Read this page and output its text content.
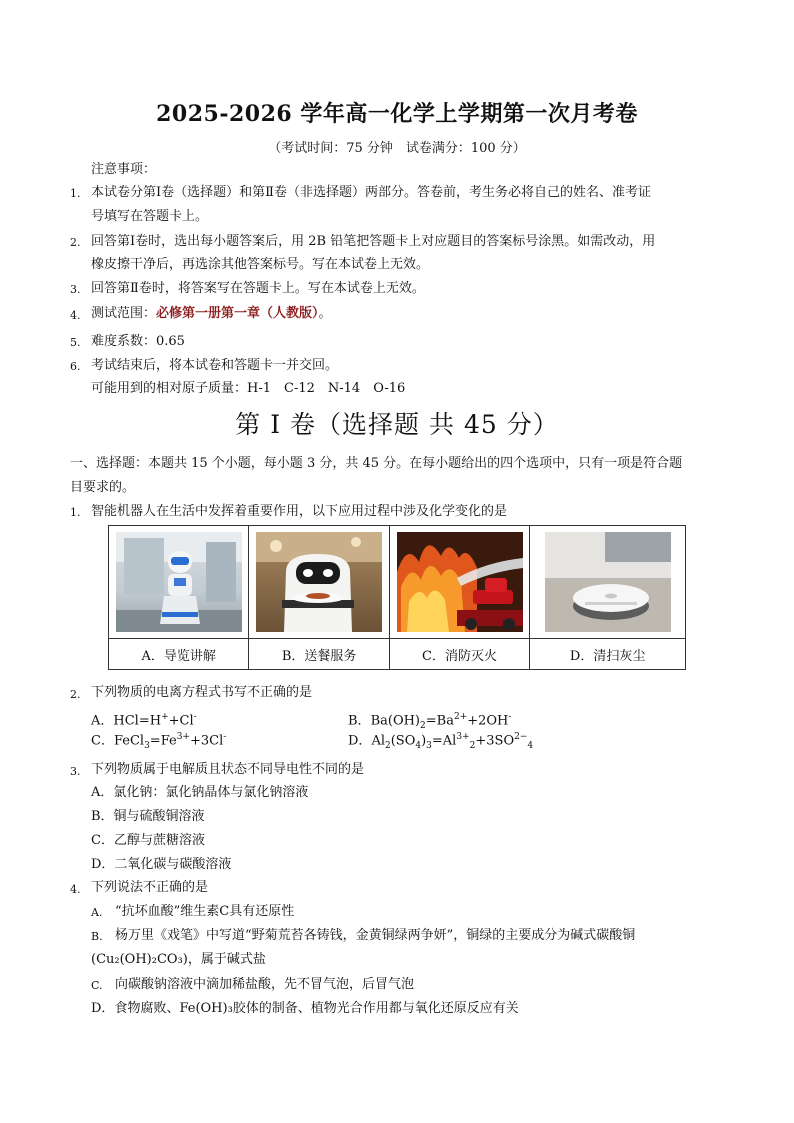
2025-2026 学年高一化学上学期第一次月考卷
（考试时间：75 分钟　试卷满分：100 分）
注意事项：
1. 本试卷分第Ⅰ卷（选择题）和第Ⅱ卷（非选择题）两部分。答卷前，考生务必将自己的姓名、准考证
号填写在答题卡上。
2. 回答第Ⅰ卷时，选出每小题答案后，用 2B 铅笔把答题卡上对应题目的答案标号涂黑。如需改动，用
橡皮擦干净后，再选涂其他答案标号。写在本试卷上无效。
3. 回答第Ⅱ卷时，将答案写在答题卡上。写在本试卷上无效。
4. 测试范围：必修第一册第一章（人教版）。
5. 难度系数：0.65
6. 考试结束后，将本试卷和答题卡一并交回。
可能用到的相对原子质量：H-1　C-12　N-14　O-16
第 I 卷（选择题 共 45 分）
一、选择题：本题共 15 个小题，每小题 3 分，共 45 分。在每小题给出的四个选项中，只有一项是符合题
目要求的。
1. 智能机器人在生活中发挥着重要作用，以下应用过程中涉及化学变化的是

A．导览讲解	B．送餐服务	C．消防灭火	D．清扫灰尘
2. 下列物质的电离方程式书写不正确的是
A．HCl=H++Cl-	B．$Ba(OH)_2=Ba^{2+}+2OH^-$
C．$FeCl_3=Fe^{3+}+3Cl^-$	D．$Al_2(SO_4)_3=Al^{3+}_2+3SO^{2-}_4$
3. 下列物质属于电解质且状态不同导电性不同的是
A．氯化钠：氯化钠晶体与氯化钠溶液
B．铜与硫酸铜溶液
C．乙醇与蔗糖溶液
D．二氧化碳与碳酸溶液
4. 下列说法不正确的是
A. “抗坏血酸”维生素C具有还原性
B. 杨万里《戏笔》中写道“野菊荒苔各铸钱，金黄铜绿两争妍”，铜绿的主要成分为碱式碳酸铜
(Cu₂(OH)₂CO₃)，属于碱式盐
C. 向碳酸钠溶液中滴加稀盐酸，先不冒气泡，后冒气泡
D．食物腐败、Fe(OH)₃胶体的制备、植物光合作用都与氧化还原反应有关
